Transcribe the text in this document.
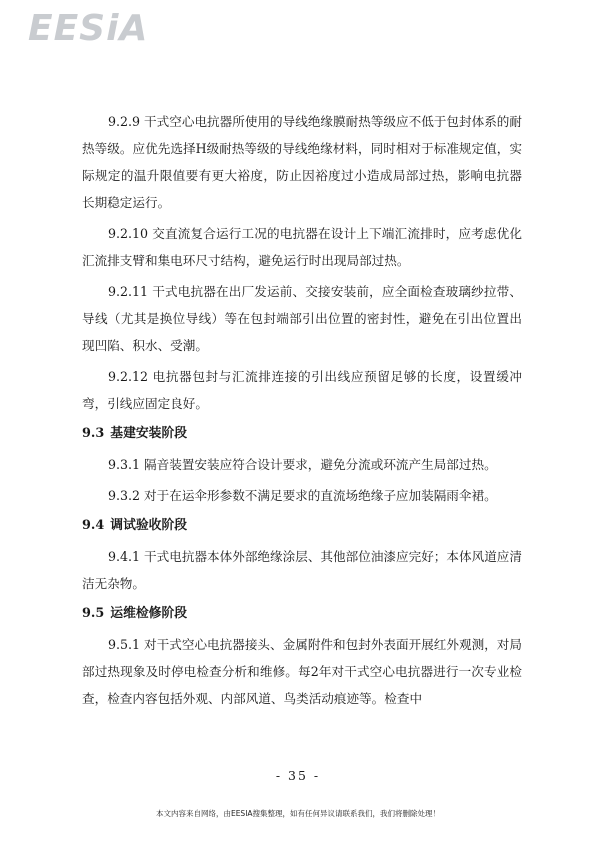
EESiA

9.2.9 干式空心电抗器所使用的导线绝缘膜耐热等级应不低于包封体系的耐热等级。应优先选择H级耐热等级的导线绝缘材料，同时相对于标准规定值，实际规定的温升限值要有更大裕度，防止因裕度过小造成局部过热，影响电抗器长期稳定运行。

9.2.10 交直流复合运行工况的电抗器在设计上下端汇流排时，应考虑优化汇流排支臂和集电环尺寸结构，避免运行时出现局部过热。

9.2.11 干式电抗器在出厂发运前、交接安装前，应全面检查玻璃纱拉带、导线（尤其是换位导线）等在包封端部引出位置的密封性，避免在引出位置出现凹陷、积水、受潮。

9.2.12 电抗器包封与汇流排连接的引出线应预留足够的长度，设置缓冲弯，引线应固定良好。

9.3 基建安装阶段

9.3.1 隔音装置安装应符合设计要求，避免分流或环流产生局部过热。

9.3.2 对于在运伞形参数不满足要求的直流场绝缘子应加装隔雨伞裙。

9.4 调试验收阶段

9.4.1 干式电抗器本体外部绝缘涂层、其他部位油漆应完好；本体风道应清洁无杂物。

9.5 运维检修阶段

9.5.1 对干式空心电抗器接头、金属附件和包封外表面开展红外观测，对局部过热现象及时停电检查分析和维修。每2年对干式空心电抗器进行一次专业检查，检查内容包括外观、内部风道、鸟类活动痕迹等。检查中

- 35 -
本文内容来自网络，由EESIA搜集整理，如有任何异议请联系我们，我们将删除处理！
